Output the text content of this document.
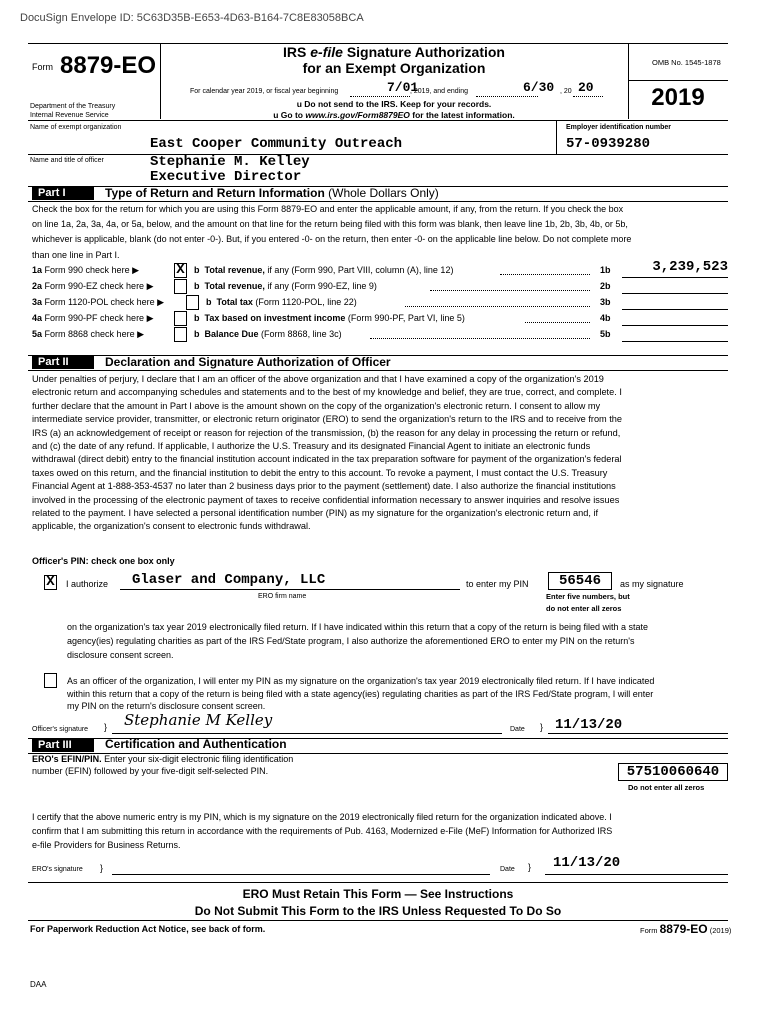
DocuSign Envelope ID: 5C63D35B-E653-4D63-B164-7C8E83058BCA
Form 8879-EO	IRS e-file Signature Authorization
for an Exempt Organization
For calendar year 2019, or fiscal year beginning	7/01
, 2019, and ending	6/30 , 20 20
u Do not send to the IRS. Keep for your records.
u Go to www.irs.gov/Form8879EO for the latest information.
Department of the Treasury
Internal Revenue Service
OMB No. 1545-1878
2019
Name of exempt organization
East Cooper Community Outreach
Employer identification number
57-0939280
Name and title of officer	Stephanie M. Kelley
Executive Director
Part I	Type of Return and Return Information (Whole Dollars Only)
Check the box for the return for which you are using this Form 8879-EO and enter the applicable amount, if any, from the return. If you check the box on line 1a, 2a, 3a, 4a, or 5a, below, and the amount on that line for the return being filed with this form was blank, then leave line 1b, 2b, 3b, 4b, or 5b, whichever is applicable, blank (do not enter -0-). But, if you entered -0- on the return, then enter -0- on the applicable line below. Do not complete more than one line in Part I.
1a Form 990 check here ▶	X b Total revenue, if any (Form 990, Part VIII, column (A), line 12)	1b	3,239,523
2a Form 990-EZ check here ▶	b Total revenue, if any (Form 990-EZ, line 9)	2b
3a Form 1120-POL check here ▶	b Total tax (Form 1120-POL, line 22)	3b
4a Form 990-PF check here ▶	b Tax based on investment income (Form 990-PF, Part VI, line 5)	4b
5a Form 8868 check here ▶	b Balance Due (Form 8868, line 3c)	5b
Part II	Declaration and Signature Authorization of Officer
Under penalties of perjury, I declare that I am an officer of the above organization and that I have examined a copy of the organization's 2019 electronic return and accompanying schedules and statements and to the best of my knowledge and belief, they are true, correct, and complete. I further declare that the amount in Part I above is the amount shown on the copy of the organization's electronic return. I consent to allow my intermediate service provider, transmitter, or electronic return originator (ERO) to send the organization's return to the IRS and to receive from the IRS (a) an acknowledgement of receipt or reason for rejection of the transmission, (b) the reason for any delay in processing the return or refund, and (c) the date of any refund. If applicable, I authorize the U.S. Treasury and its designated Financial Agent to initiate an electronic funds withdrawal (direct debit) entry to the financial institution account indicated in the tax preparation software for payment of the organization's federal taxes owed on this return, and the financial institution to debit the entry to this account. To revoke a payment, I must contact the U.S. Treasury Financial Agent at 1-888-353-4537 no later than 2 business days prior to the payment (settlement) date. I also authorize the financial institutions involved in the processing of the electronic payment of taxes to receive confidential information necessary to answer inquiries and resolve issues related to the payment. I have selected a personal identification number (PIN) as my signature for the organization's electronic return and, if applicable, the organization's consent to electronic funds withdrawal.
Officer's PIN: check one box only
X I authorize Glaser and Company, LLC
ERO firm name
to enter my PIN	56546	as my signature
Enter five numbers, but
do not enter all zeros
on the organization's tax year 2019 electronically filed return. If I have indicated within this return that a copy of the return is being filed with a state agency(ies) regulating charities as part of the IRS Fed/State program, I also authorize the aforementioned ERO to enter my PIN on the return's disclosure consent screen.
As an officer of the organization, I will enter my PIN as my signature on the organization's tax year 2019 electronically filed return. If I have indicated within this return that a copy of the return is being filed with a state agency(ies) regulating charities as part of the IRS Fed/State program, I will enter my PIN on the return's disclosure consent screen.
Officer's signature } Stephanie M Kelley
Date } 11/13/20
Part III	Certification and Authentication
ERO's EFIN/PIN. Enter your six-digit electronic filing identification
number (EFIN) followed by your five-digit self-selected PIN.	57510060640
Do not enter all zeros
I certify that the above numeric entry is my PIN, which is my signature on the 2019 electronically filed return for the organization indicated above. I confirm that I am submitting this return in accordance with the requirements of Pub. 4163, Modernized e-File (MeF) Information for Authorized IRS e-file Providers for Business Returns.
ERO's signature }	Date } 11/13/20
ERO Must Retain This Form — See Instructions
Do Not Submit This Form to the IRS Unless Requested To Do So
For Paperwork Reduction Act Notice, see back of form.	Form 8879-EO (2019)
DAA
